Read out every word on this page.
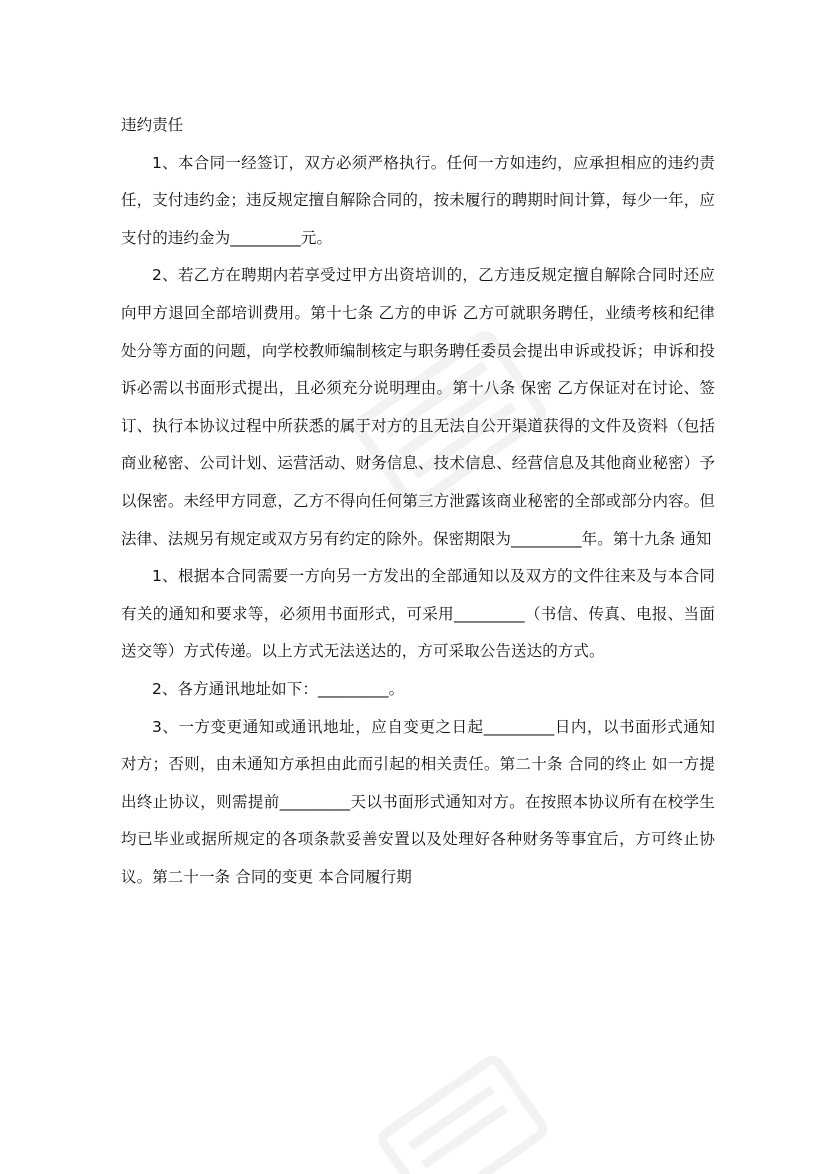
违约责任

1、本合同一经签订，双方必须严格执行。任何一方如违约，应承担相应的违约责任，支付违约金；违反规定擅自解除合同的，按未履行的聘期时间计算，每少一年，应支付的违约金为_________元。

2、若乙方在聘期内若享受过甲方出资培训的，乙方违反规定擅自解除合同时还应向甲方退回全部培训费用。第十七条 乙方的申诉 乙方可就职务聘任，业绩考核和纪律处分等方面的问题，向学校教师编制核定与职务聘任委员会提出申诉或投诉；申诉和投诉必需以书面形式提出，且必须充分说明理由。第十八条 保密 乙方保证对在讨论、签订、执行本协议过程中所获悉的属于对方的且无法自公开渠道获得的文件及资料（包括商业秘密、公司计划、运营活动、财务信息、技术信息、经营信息及其他商业秘密）予以保密。未经甲方同意，乙方不得向任何第三方泄露该商业秘密的全部或部分内容。但法律、法规另有规定或双方另有约定的除外。保密期限为_________年。第十九条 通知

1、根据本合同需要一方向另一方发出的全部通知以及双方的文件往来及与本合同有关的通知和要求等，必须用书面形式，可采用_________（书信、传真、电报、当面送交等）方式传递。以上方式无法送达的，方可采取公告送达的方式。

2、各方通讯地址如下：_________。

3、一方变更通知或通讯地址，应自变更之日起_________日内，以书面形式通知对方；否则，由未通知方承担由此而引起的相关责任。第二十条 合同的终止 如一方提出终止协议，则需提前_________天以书面形式通知对方。在按照本协议所有在校学生均已毕业或据所规定的各项条款妥善安置以及处理好各种财务等事宜后，方可终止协议。第二十一条 合同的变更 本合同履行期
